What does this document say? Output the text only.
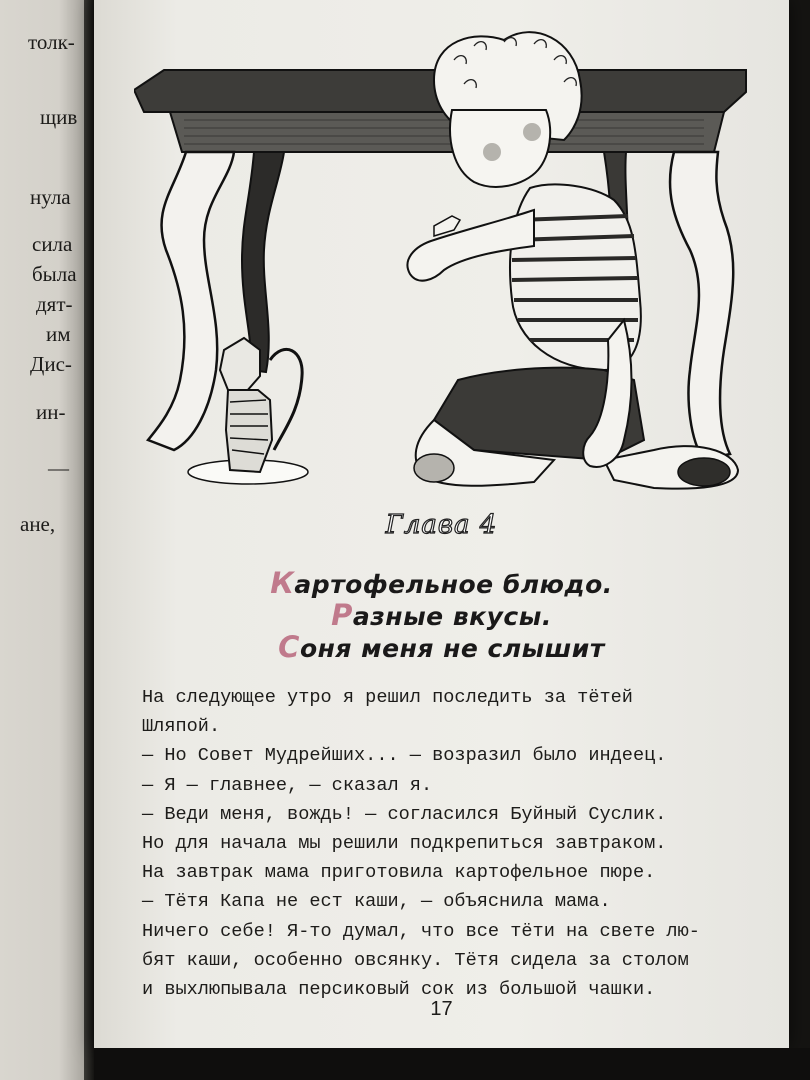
толк-
щив
нула
сила
была
дят-
им
Дис-
ин-
—
ане,	Глава 4
Картофельное блюдо.
Разные вкусы.
Соня меня не слышит

На следующее утро я решил последить за тётей

Шляпой.

— Но Совет Мудрейших... — возразил было индеец.

— Я — главнее, — сказал я.

— Веди меня, вождь! — согласился Буйный Суслик.

Но для начала мы решили подкрепиться завтраком.

На завтрак мама приготовила картофельное пюре.

— Тётя Капа не ест каши, — объяснила мама.

Ничего себе! Я-то думал, что все тёти на свете лю-

бят каши, особенно овсянку. Тётя сидела за столом

и выхлюпывала персиковый сок из большой чашки.

17
